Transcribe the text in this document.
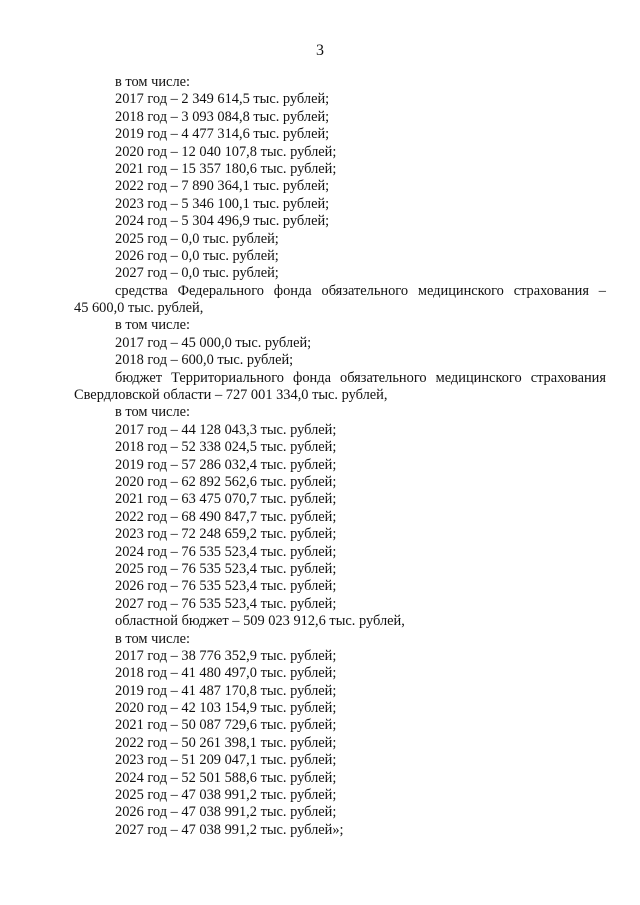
3
в том числе:
2017 год – 2 349 614,5 тыс. рублей;
2018 год – 3 093 084,8 тыс. рублей;
2019 год – 4 477 314,6 тыс. рублей;
2020 год – 12 040 107,8 тыс. рублей;
2021 год – 15 357 180,6 тыс. рублей;
2022 год – 7 890 364,1 тыс. рублей;
2023 год – 5 346 100,1 тыс. рублей;
2024 год – 5 304 496,9 тыс. рублей;
2025 год – 0,0 тыс. рублей;
2026 год – 0,0 тыс. рублей;
2027 год – 0,0 тыс. рублей;
средства Федерального фонда обязательного медицинского страхования –
45 600,0 тыс. рублей,
в том числе:
2017 год – 45 000,0 тыс. рублей;
2018 год – 600,0 тыс. рублей;
бюджет Территориального фонда обязательного медицинского страхования
Свердловской области – 727 001 334,0 тыс. рублей,
в том числе:
2017 год – 44 128 043,3 тыс. рублей;
2018 год – 52 338 024,5 тыс. рублей;
2019 год – 57 286 032,4 тыс. рублей;
2020 год – 62 892 562,6 тыс. рублей;
2021 год – 63 475 070,7 тыс. рублей;
2022 год – 68 490 847,7 тыс. рублей;
2023 год – 72 248 659,2 тыс. рублей;
2024 год – 76 535 523,4 тыс. рублей;
2025 год – 76 535 523,4 тыс. рублей;
2026 год – 76 535 523,4 тыс. рублей;
2027 год – 76 535 523,4 тыс. рублей;
областной бюджет – 509 023 912,6 тыс. рублей,
в том числе:
2017 год – 38 776 352,9 тыс. рублей;
2018 год – 41 480 497,0 тыс. рублей;
2019 год – 41 487 170,8 тыс. рублей;
2020 год – 42 103 154,9 тыс. рублей;
2021 год – 50 087 729,6 тыс. рублей;
2022 год – 50 261 398,1 тыс. рублей;
2023 год – 51 209 047,1 тыс. рублей;
2024 год – 52 501 588,6 тыс. рублей;
2025 год – 47 038 991,2 тыс. рублей;
2026 год – 47 038 991,2 тыс. рублей;
2027 год – 47 038 991,2 тыс. рублей»;
